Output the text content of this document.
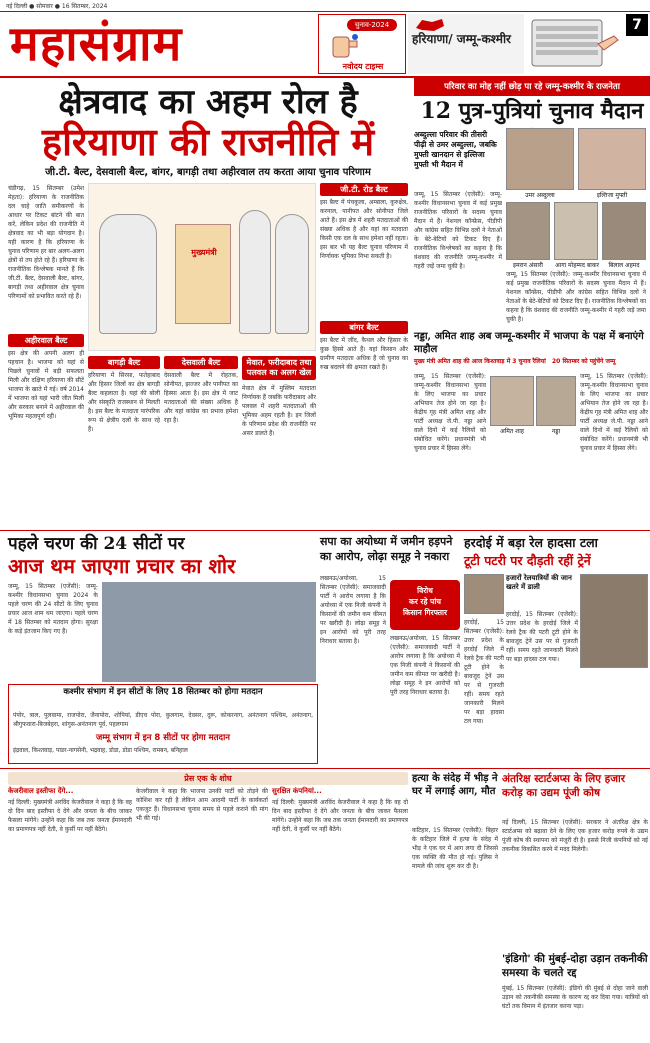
नई दिल्ली ● सोमवार ● 16 सितम्बर, 2024
महासंग्राम	चुनाव-2024
नवोदय टाइम्स
हरियाणा/ जम्मू-कश्मीर
7
क्षेत्रवाद का अहम रोल है
हरियाणा की राजनीति में
जी.टी. बैल्ट, देसवाली बैल्ट, बांगर, बागड़ी तथा अहीरवाल तय करता आया चुनाव परिणाम
चंडीगढ़, 15 सितम्बर (उमेश मेहता): हरियाणा के राजनीतिक दल चाहे जाति समीकरणों के आधार पर टिकट बांटने की बात करें, लेकिन प्रदेश की राजनीति में क्षेत्रवाद का भी बड़ा योगदान है। यही कारण है कि हरियाणा के चुनाव परिणाम हर बार अलग-अलग क्षेत्रों से तय होते रहे हैं। हरियाणा के राजनीतिक विश्लेषक मानते हैं कि जी.टी. बैल्ट, देसवाली बैल्ट, बांगर, बागड़ी तथा अहीरवाल क्षेत्र चुनाव परिणामों को प्रभावित करते रहे हैं।
मुख्यमंत्री
जी.टी. रोड बैल्ट
इस बैल्ट में पंचकूला, अम्बाला, कुरुक्षेत्र, करनाल, पानीपत और सोनीपत जिले आते हैं। इस क्षेत्र में शहरी मतदाताओं की संख्या अधिक है और यहां का मतदाता किसी एक दल के साथ हमेशा नहीं रहता। इस बार भी यह बैल्ट चुनाव परिणाम में निर्णायक भूमिका निभा सकती है।
बांगर बैल्ट
इस बैल्ट में जींद, कैथल और हिसार के कुछ हिस्से आते हैं। यहां किसान और ग्रामीण मतदाता अधिक हैं जो चुनाव का रुख बदलने की क्षमता रखते हैं।
अहीरवाल बैल्ट
इस क्षेत्र की अपनी अलग ही पहचान है। भाजपा को यहां से पिछले चुनावों में बड़ी सफलता मिली और दक्षिण हरियाणा की सीटें भाजपा के खाते में गई। वर्ष 2014 में भाजपा को यहां भारी जीत मिली और सरकार बनाने में अहीरवाल की भूमिका महत्वपूर्ण रही।
बागड़ी बैल्ट
हरियाणा में सिरसा, फतेहाबाद और हिसार जिलों का क्षेत्र बागड़ी बैल्ट कहलाता है। यहां की बोली और संस्कृति राजस्थान से मिलती है। इस बैल्ट के मतदाता पारंपरिक रूप से क्षेत्रीय दलों के साथ रहे हैं।
देसवाली बैल्ट
देसवाली बैल्ट में रोहतक, सोनीपत, झज्जर और पानीपत का हिस्सा आता है। इस क्षेत्र में जाट मतदाताओं की संख्या अधिक है और यहां कांग्रेस का प्रभाव हमेशा रहा है।
मेवात, फरीदाबाद तथा पलवल का अलग खेल
मेवात क्षेत्र में मुस्लिम मतदाता निर्णायक हैं जबकि फरीदाबाद और पलवल में शहरी मतदाताओं की भूमिका अहम रहती है। इन जिलों के परिणाम प्रदेश की राजनीति पर असर डालते हैं।
परिवार का मोह नहीं छोड़ पा रहे जम्मू-कश्मीर के राजनेता
12 पुत्र-पुत्रियां चुनाव मैदान
अब्दुल्ला परिवार की तीसरी पीढ़ी से उमर अब्दुल्ला, जबकि मुफ्ती खानदान से इल्तिजा मुफ्ती भी मैदान में
उमर अब्दुल्ला	इल्तिजा मुफ्ती
जम्मू, 15 सितम्बर (एजेंसी): जम्मू-कश्मीर विधानसभा चुनाव में कई प्रमुख राजनीतिक परिवारों के सदस्य चुनाव मैदान में हैं। नेशनल कॉन्फ्रेंस, पीडीपी और कांग्रेस सहित विभिन्न दलों ने नेताओं के बेटे-बेटियों को टिकट दिए हैं। राजनीतिक विश्लेषकों का कहना है कि वंशवाद की राजनीति जम्मू-कश्मीर में गहरी जड़ें जमा चुकी है।	इमरान अंसारी	आगा मोहम्मद बाकर	बिलाल अहमद
जम्मू, 15 सितम्बर (एजेंसी): जम्मू-कश्मीर विधानसभा चुनाव में कई प्रमुख राजनीतिक परिवारों के सदस्य चुनाव मैदान में हैं। नेशनल कॉन्फ्रेंस, पीडीपी और कांग्रेस सहित विभिन्न दलों ने नेताओं के बेटे-बेटियों को टिकट दिए हैं। राजनीतिक विश्लेषकों का कहना है कि वंशवाद की राजनीति जम्मू-कश्मीर में गहरी जड़ें जमा चुकी है।
नड्डा, अमित शाह अब जम्मू-कश्मीर में भाजपा के पक्ष में बनाएंगे माहौल
मुख्य मंत्री अमित शाह की आज किश्तवाड़ में 3 चुनाव रैलियां	20 सितम्बर को पहुंचेंगे जम्मू
जम्मू, 15 सितम्बर (एजेंसी): जम्मू-कश्मीर विधानसभा चुनाव के लिए भाजपा का प्रचार अभियान तेज होने जा रहा है। केंद्रीय गृह मंत्री अमित शाह और पार्टी अध्यक्ष जे.पी. नड्डा आने वाले दिनों में कई रैलियों को संबोधित करेंगे। प्रधानमंत्री भी चुनाव प्रचार में हिस्सा लेंगे।
अमित शाह	नड्डा
जम्मू, 15 सितम्बर (एजेंसी): जम्मू-कश्मीर विधानसभा चुनाव के लिए भाजपा का प्रचार अभियान तेज होने जा रहा है। केंद्रीय गृह मंत्री अमित शाह और पार्टी अध्यक्ष जे.पी. नड्डा आने वाले दिनों में कई रैलियों को संबोधित करेंगे। प्रधानमंत्री भी चुनाव प्रचार में हिस्सा लेंगे।
पहले चरण की 24 सीटों पर
आज थम जाएगा प्रचार का शोर
जम्मू, 15 सितम्बर (एजेंसी): जम्मू-कश्मीर विधानसभा चुनाव 2024 के पहले चरण की 24 सीटों के लिए चुनाव प्रचार आज शाम थम जाएगा। पहले चरण में 18 सितम्बर को मतदान होगा। सुरक्षा के कड़े इंतजाम किए गए हैं।
कश्मीर संभाग में इन सीटों के लिए 18 सितम्बर को होगा मतदान
पंपोर, त्राल, पुलवामा, राजपोरा, जैनापोरा, शोपियां, डीएच पोरा, कुलगाम, देवसर, दूरू, कोकरनाग, अनंतनाग पश्चिम, अनंतनाग, श्रीगुफवारा-बिजबेहरा, शांगुस-अनंतनाग पूर्व, पहलगाम
जम्मू संभाग में इन 8 सीटों पर होगा मतदान
इंद्रवाल, किश्तवाड़, पाडर-नागसेनी, भद्रवाह, डोडा, डोडा पश्चिम, रामबन, बनिहाल
सपा का अयोध्या में जमीन हड़पने का आरोप, लोढ़ा समूह ने नकारा
लखनऊ/अयोध्या, 15 सितम्बर (एजेंसी): समाजवादी पार्टी ने आरोप लगाया है कि अयोध्या में एक निजी कंपनी ने किसानों की जमीन कम कीमत पर खरीदी है। लोढ़ा समूह ने इन आरोपों को पूरी तरह निराधार बताया है।
विरोध
कर रहे पांच
किसान गिरफ्तार
लखनऊ/अयोध्या, 15 सितम्बर (एजेंसी): समाजवादी पार्टी ने आरोप लगाया है कि अयोध्या में एक निजी कंपनी ने किसानों की जमीन कम कीमत पर खरीदी है। लोढ़ा समूह ने इन आरोपों को पूरी तरह निराधार बताया है।
हरदोई में बड़ा रेल हादसा टला
टूटी पटरी पर दौड़ती रहीं ट्रेनें
हजारों रेलयात्रियों की जान खतरे में डाली
हरदोई, 15 सितम्बर (एजेंसी): उत्तर प्रदेश के हरदोई जिले में रेलवे ट्रैक की पटरी टूटी होने के बावजूद ट्रेनें उस पर से गुजरती रहीं। समय रहते जानकारी मिलने पर बड़ा हादसा टल गया।
हरदोई, 15 सितम्बर (एजेंसी): उत्तर प्रदेश के हरदोई जिले में रेलवे ट्रैक की पटरी टूटी होने के बावजूद ट्रेनें उस पर से गुजरती रहीं। समय रहते जानकारी मिलने पर बड़ा हादसा टल गया।
प्रेस एक के शोध
केजरीवाल इस्तीफा देंगे...
नई दिल्ली: मुख्यमंत्री अरविंद केजरीवाल ने कहा है कि वह दो दिन बाद इस्तीफा दे देंगे और जनता के बीच जाकर फैसला मांगेंगे। उन्होंने कहा कि जब तक जनता ईमानदारी का प्रमाणपत्र नहीं देती, वे कुर्सी पर नहीं बैठेंगे।
केजरीवाल ने कहा कि भाजपा उनकी पार्टी को तोड़ने की कोशिश कर रही है लेकिन आम आदमी पार्टी के कार्यकर्ता एकजुट हैं। विधानसभा चुनाव समय से पहले कराने की मांग भी की गई।
सुरक्षित कंपनियां...
नई दिल्ली: मुख्यमंत्री अरविंद केजरीवाल ने कहा है कि वह दो दिन बाद इस्तीफा दे देंगे और जनता के बीच जाकर फैसला मांगेंगे। उन्होंने कहा कि जब तक जनता ईमानदारी का प्रमाणपत्र नहीं देती, वे कुर्सी पर नहीं बैठेंगे।
हत्या के संदेह में भीड़ ने घर में लगाई आग, मौत
कटिहार, 15 सितम्बर (एजेंसी): बिहार के कटिहार जिले में हत्या के संदेह में भीड़ ने एक घर में आग लगा दी जिससे एक व्यक्ति की मौत हो गई। पुलिस ने मामले की जांच शुरू कर दी है।
अंतरिक्ष स्टार्टअप्स के लिए हजार करोड़ का उद्यम पूंजी कोष
नई दिल्ली, 15 सितम्बर (एजेंसी): सरकार ने अंतरिक्ष क्षेत्र के स्टार्टअप्स को बढ़ावा देने के लिए एक हजार करोड़ रुपये के उद्यम पूंजी कोष की स्थापना को मंजूरी दी है। इससे निजी कंपनियों को नई तकनीक विकसित करने में मदद मिलेगी।
'इंडिगो' की मुंबई-दोहा उड़ान तकनीकी समस्या के चलते रद्द
मुंबई, 15 सितम्बर (एजेंसी): इंडिगो की मुंबई से दोहा जाने वाली उड़ान को तकनीकी समस्या के कारण रद्द कर दिया गया। यात्रियों को घंटों तक विमान में इंतजार करना पड़ा।
